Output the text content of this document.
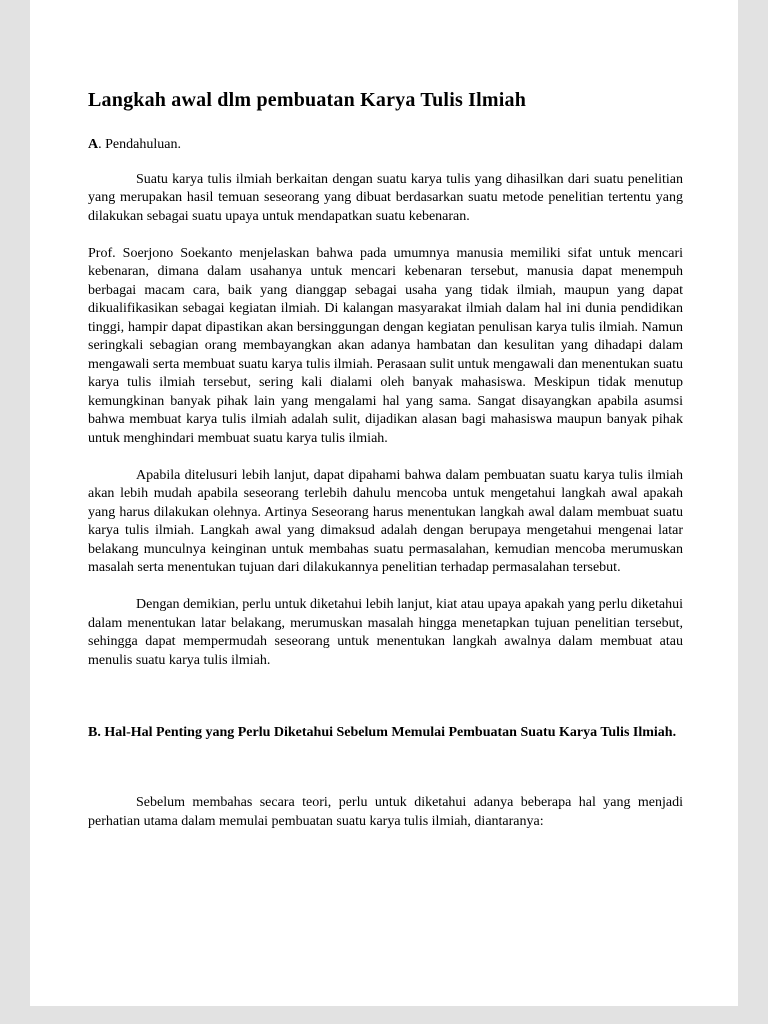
Langkah awal dlm pembuatan Karya Tulis Ilmiah

A. Pendahuluan.

Suatu karya tulis ilmiah berkaitan dengan suatu karya tulis yang dihasilkan dari suatu penelitian yang merupakan hasil temuan seseorang yang dibuat berdasarkan suatu metode penelitian tertentu yang dilakukan sebagai suatu upaya untuk mendapatkan suatu kebenaran.

Prof. Soerjono Soekanto menjelaskan bahwa pada umumnya manusia memiliki sifat untuk mencari kebenaran, dimana dalam usahanya untuk mencari kebenaran tersebut, manusia dapat menempuh berbagai macam cara, baik yang dianggap sebagai usaha yang tidak ilmiah, maupun yang dapat dikualifikasikan sebagai kegiatan ilmiah. Di kalangan masyarakat ilmiah dalam hal ini dunia pendidikan tinggi, hampir dapat dipastikan akan bersinggungan dengan kegiatan penulisan karya tulis ilmiah. Namun seringkali sebagian orang membayangkan akan adanya hambatan dan kesulitan yang dihadapi dalam mengawali serta membuat suatu karya tulis ilmiah. Perasaan sulit untuk mengawali dan menentukan suatu karya tulis ilmiah tersebut, sering kali dialami oleh banyak mahasiswa. Meskipun tidak menutup kemungkinan banyak pihak lain yang mengalami hal yang sama. Sangat disayangkan apabila asumsi bahwa membuat karya tulis ilmiah adalah sulit, dijadikan alasan bagi mahasiswa maupun banyak pihak untuk menghindari membuat suatu karya tulis ilmiah.

Apabila ditelusuri lebih lanjut, dapat dipahami bahwa dalam pembuatan suatu karya tulis ilmiah akan lebih mudah apabila seseorang terlebih dahulu mencoba untuk mengetahui langkah awal apakah yang harus dilakukan olehnya. Artinya Seseorang harus menentukan langkah awal dalam membuat suatu karya tulis ilmiah. Langkah awal yang dimaksud adalah dengan berupaya mengetahui mengenai latar belakang munculnya keinginan untuk membahas suatu permasalahan, kemudian mencoba merumuskan masalah serta menentukan tujuan dari dilakukannya penelitian terhadap permasalahan tersebut.

Dengan demikian, perlu untuk diketahui lebih lanjut, kiat atau upaya apakah yang perlu diketahui dalam menentukan latar belakang, merumuskan masalah hingga menetapkan tujuan penelitian tersebut, sehingga dapat mempermudah seseorang untuk menentukan langkah awalnya dalam membuat atau menulis suatu karya tulis ilmiah.

B. Hal-Hal Penting yang Perlu Diketahui Sebelum Memulai Pembuatan Suatu Karya Tulis Ilmiah.

Sebelum membahas secara teori, perlu untuk diketahui adanya beberapa hal yang menjadi perhatian utama dalam memulai pembuatan suatu karya tulis ilmiah, diantaranya:
